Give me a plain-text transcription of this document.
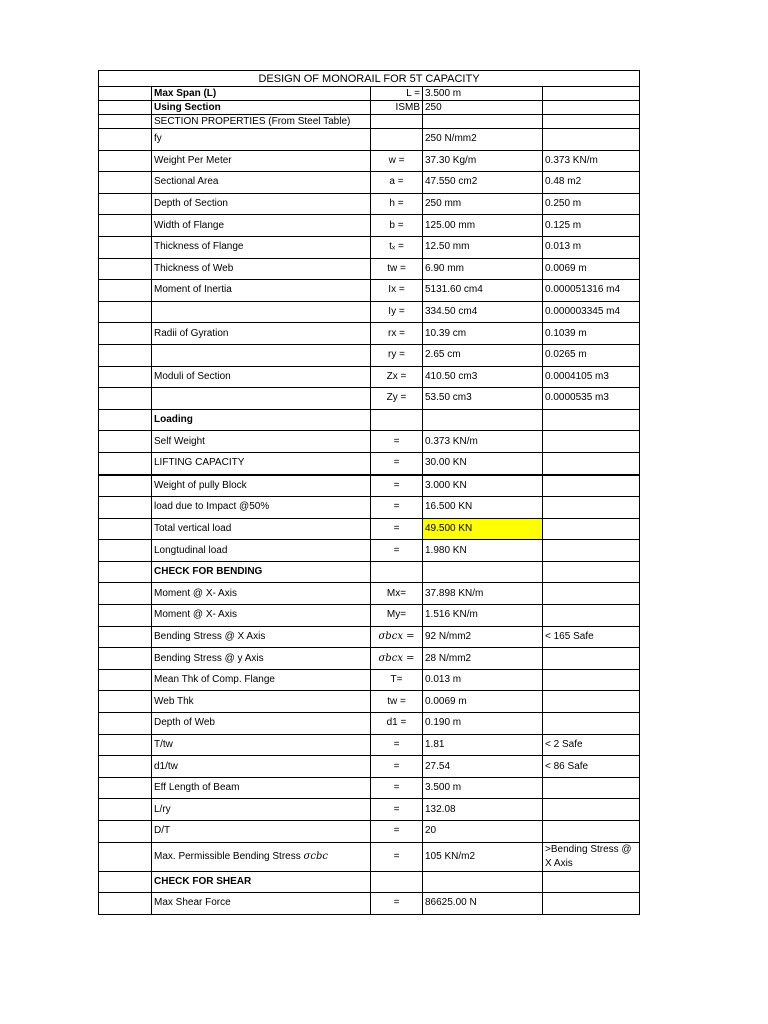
DESIGN OF MONORAIL FOR 5T CAPACITY				
	Max Span (L)	L =	3.500 m	
	Using Section	ISMB	250	
	SECTION PROPERTIES (From Steel Table)			
	fy		250 N/mm2	
	Weight Per Meter	w =	37.30 Kg/m	0.373 KN/m
	Sectional Area	a =	47.550 cm2	0.48 m2
	Depth of Section	h =	250 mm	0.250 m
	Width of Flange	b =	125.00 mm	0.125 m
	Thickness of Flange	tₓ =	12.50 mm	0.013 m
	Thickness of Web	tw =	6.90 mm	0.0069 m
	Moment of Inertia	Ix =	5131.60 cm4	0.000051316 m4
		Iy =	334.50 cm4	0.000003345 m4
	Radii of Gyration	rx =	10.39 cm	0.1039 m
		ry =	2.65 cm	0.0265 m
	Moduli of Section	Zx =	410.50 cm3	0.0004105 m3
		Zy =	53.50 cm3	0.0000535 m3
	Loading			
	Self Weight	=	0.373 KN/m	
	LIFTING CAPACITY	=	30.00 KN	
	Weight of pully Block	=	3.000 KN	
	load due to Impact @50%	=	16.500 KN	
	Total vertical load	=	49.500 KN	
	Longtudinal load	=	1.980 KN	
	CHECK FOR BENDING			
	Moment @ X- Axis	Mx=	37.898 KN/m	
	Moment @ X- Axis	My=	1.516 KN/m	
	Bending Stress @ X Axis	σbcx =	92 N/mm2	< 165 Safe
	Bending Stress @ y Axis	σbcx =	28 N/mm2	
	Mean Thk of Comp. Flange	T=	0.013 m	
	Web Thk	tw =	0.0069 m	
	Depth of Web	d1 =	0.190 m	
	T/tw	=	1.81	< 2 Safe
	d1/tw	=	27.54	< 86 Safe
	Eff Length of Beam	=	3.500 m	
	L/ry	=	132.08	
	D/T	=	20	
	Max. Permissible Bending Stress σcbc	=	105 KN/m2	>Bending Stress @ X Axis
	CHECK FOR SHEAR			
	Max Shear Force	=	86625.00 N	
